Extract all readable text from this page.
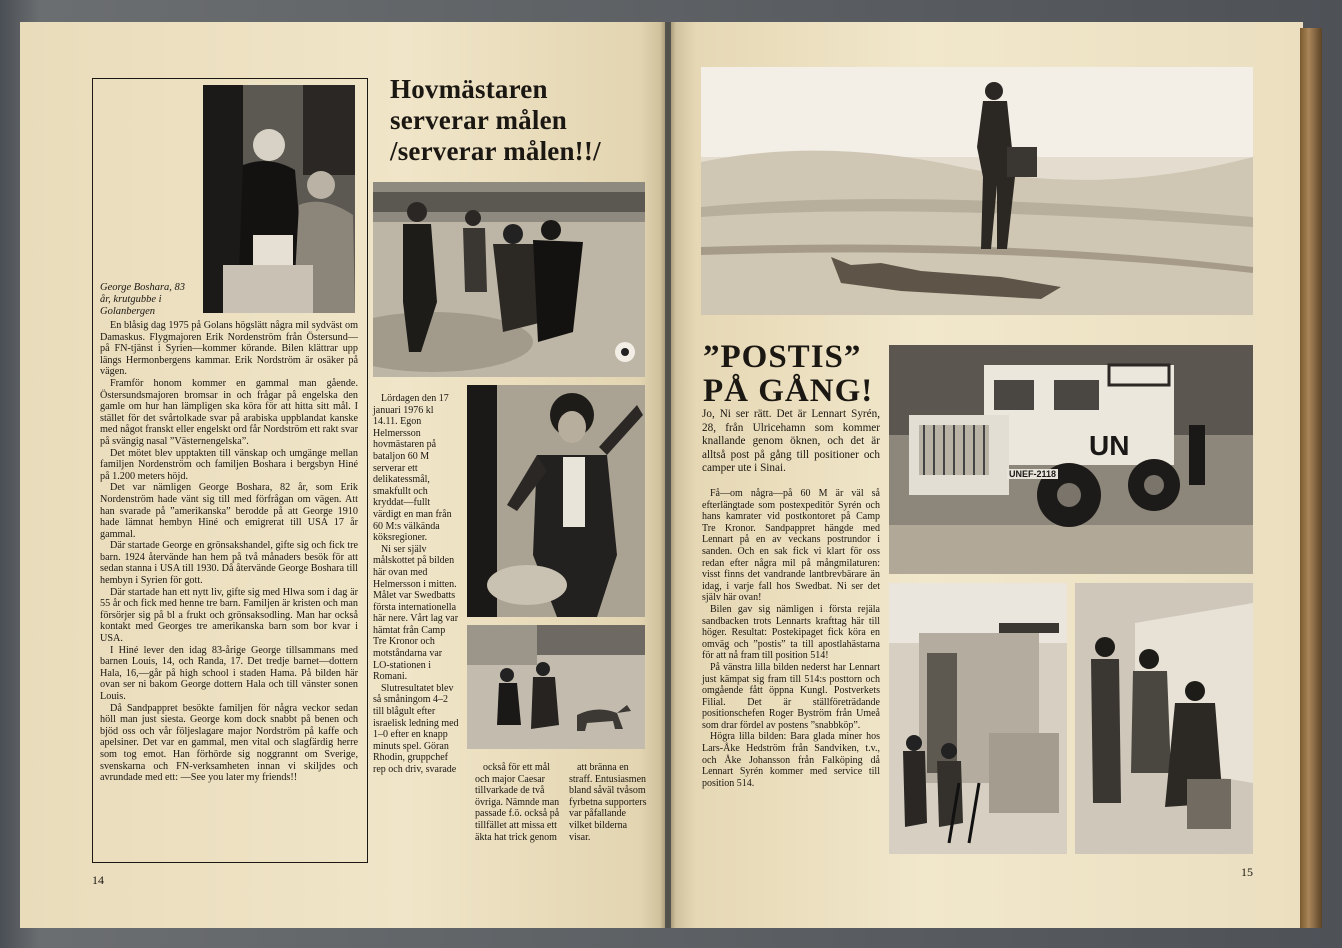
George Boshara, 83 år, krutgubbe i Golanbergen

En blåsig dag 1975 på Golans högslätt några mil sydväst om Damaskus. Flygmajoren Erik Nordenström från Östersund—på FN-tjänst i Syrien—kommer körande. Bilen klättrar upp längs Hermonbergens kammar. Erik Nordström är osäker på vägen.

Framför honom kommer en gammal man gående. Östersundsmajoren bromsar in och frågar på engelska den gamle om hur han lämpligen ska köra för att hitta sitt mål. I stället för det svårtolkade svar på arabiska uppblandat kanske med något franskt eller engelskt ord får Nordström ett rakt svar på svängig nasal ”Västernengelska”.

Det mötet blev upptakten till vänskap och umgänge mellan familjen Nordenström och familjen Boshara i bergsbyn Hiné på 1.200 meters höjd.

Det var nämligen George Boshara, 82 år, som Erik Nordenström hade vänt sig till med förfrågan om vägen. Att han svarade på ”amerikanska” berodde på att George 1910 hade lämnat hembyn Hiné och emigrerat till USA 17 år gammal.

Där startade George en grönsakshandel, gifte sig och fick tre barn. 1924 återvände han hem på två månaders besök för att sedan stanna i USA till 1930. Då återvände George Boshara till hembyn i Syrien för gott.

Där startade han ett nytt liv, gifte sig med Hlwa som i dag är 55 år och fick med henne tre barn. Familjen är kristen och man försörjer sig på bl a frukt och grönsaksodling. Man har också kontakt med Georges tre amerikanska barn som bor kvar i USA.

I Hiné lever den idag 83-årige George tillsammans med barnen Louis, 14, och Randa, 17. Det tredje barnet—dottern Hala, 16,—går på high school i staden Hama. På bilden här ovan ser ni bakom George dottern Hala och till vänster sonen Louis.

Då Sandpappret besökte familjen för några veckor sedan höll man just siesta. George kom dock snabbt på benen och bjöd oss och vår följeslagare major Nordström på kaffe och apelsiner. Det var en gammal, men vital och slagfärdig herre som tog emot. Han förhörde sig noggrannt om Sverige, svenskarna och FN-verksamheten innan vi skiljdes och avrundade med ett: —See you later my friends!!

14
Hovmästaren
serverar målen
/serverar målen!!/

Lördagen den 17 januari 1976 kl 14.11. Egon Helmersson hovmästaren på bataljon 60 M serverar ett delikatessmål, smakfullt och kryddat—fullt värdigt en man från 60 M:s välkända köksregioner.

Ni ser själv målskottet på bilden här ovan med Helmersson i mitten. Målet var Swedbatts första internationella här nere. Vårt lag var hämtat från Camp Tre Kronor och motståndarna var LO-stationen i Romani.

Slutresultatet blev så småningom 4–2 till blågult efter israelisk ledning med 1–0 efter en knapp minuts spel. Göran Rhodin, gruppchef rep och driv, svarade	också för ett mål och major Caesar tillvarkade de två övriga. Nämnde man passade f.ö. också på tillfället att missa ett äkta hat trick genom

att bränna en straff. Entusiasmen bland såväl tvåsom fyrbetna supporters var påfallande vilket bilderna visar.

”POSTIS”
PÅ GÅNG!
UN
UNEF-2118
Jo, Ni ser rätt. Det är Lennart Syrén, 28, från Ulricehamn som kommer knallande genom öknen, och det är alltså post på gång till positioner och camper ute i Sinai.

Få—om några—på 60 M är väl så efterlängtade som postexpeditör Syrén och hans kamrater vid postkontoret på Camp Tre Kronor. Sandpappret hängde med Lennart på en av veckans postrundor i sanden. Och en sak fick vi klart för oss redan efter några mil på mångmilaturen: visst finns det vandrande lantbrevbärare än idag, i varje fall hos Swedbat. Ni ser det själv här ovan!

Bilen gav sig nämligen i första rejäla sandbacken trots Lennarts krafttag här till höger. Resultat: Postekipaget fick köra en omväg och ”postis” ta till apostlahästarna för att nå fram till position 514!

På vänstra lilla bilden nederst har Lennart just kämpat sig fram till 514:s posttorn och omgående fått öppna Kungl. Postverkets Filial. Det är ställföreträdande positionschefen Roger Byström från Umeå som drar fördel av postens ”snabbköp”.

Högra lilla bilden: Bara glada miner hos Lars-Åke Hedström från Sandviken, t.v., och Åke Johansson från Falköping då Lennart Syrén kommer med service till position 514.

15
